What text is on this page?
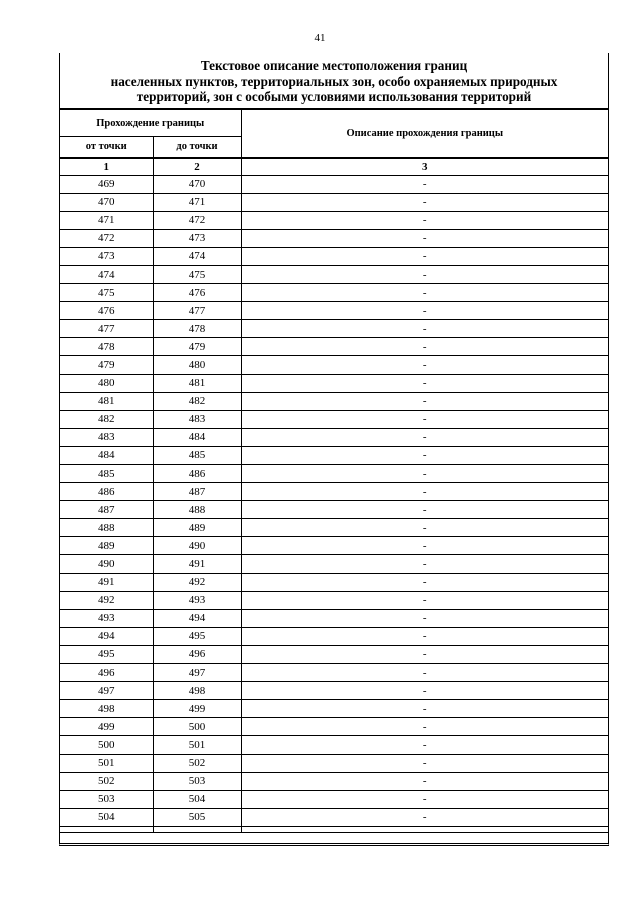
41
Текстовое описание местоположения границ
населенных пунктов, территориальных зон, особо охраняемых природных
территорий, зон с особыми условиями использования территорий
Прохождение границы		Описание прохождения границы
от точки	до точки	
1	2	3
469	470	-
470	471	-
471	472	-
472	473	-
473	474	-
474	475	-
475	476	-
476	477	-
477	478	-
478	479	-
479	480	-
480	481	-
481	482	-
482	483	-
483	484	-
484	485	-
485	486	-
486	487	-
487	488	-
488	489	-
489	490	-
490	491	-
491	492	-
492	493	-
493	494	-
494	495	-
495	496	-
496	497	-
497	498	-
498	499	-
499	500	-
500	501	-
501	502	-
502	503	-
503	504	-
504	505	-
